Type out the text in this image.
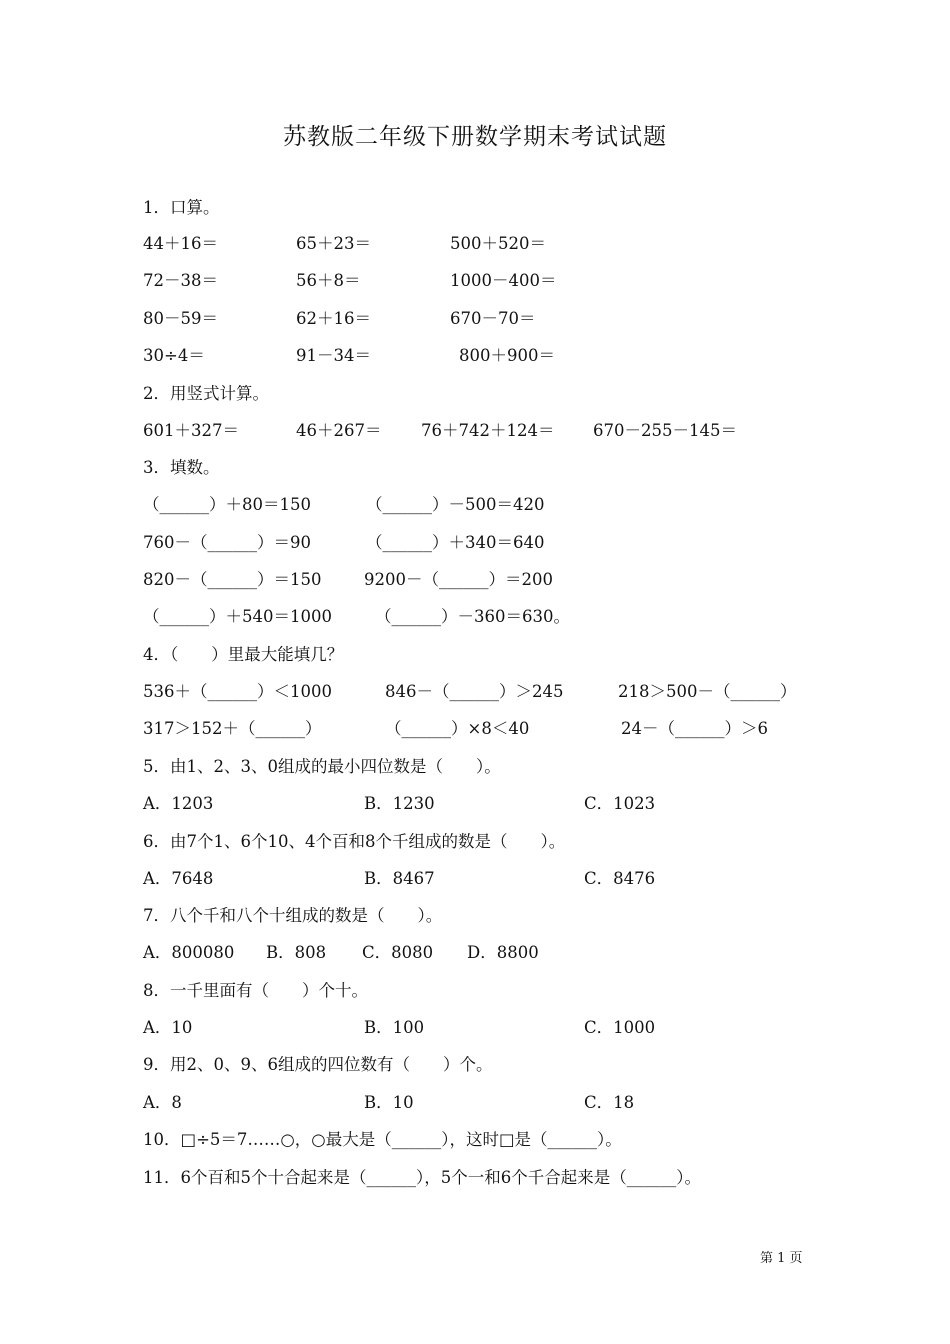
苏教版二年级下册数学期末考试试题
1．口算。
44＋16＝	65＋23＝	500＋520＝
72－38＝	56＋8＝	1000－400＝
80－59＝	62＋16＝	670－70＝
30÷4＝	91－34＝	800＋900＝
2．用竖式计算。
601＋327＝	46＋267＝ 76＋742＋124＝ 670－255－145＝
3．填数。
（______）＋80＝150	（______）－500＝420
760－（______）＝90	（______）＋340＝640
820－（______）＝150	9200－（______）＝200
（______）＋540＝1000	（______）－360＝630。
4．（　　）里最大能填几？
536＋（______）＜1000	846－（______）＞245	218＞500－（______）
317＞152＋（______）	（______）×8＜40	24－（______）＞6
5．由1、2、3、0组成的最小四位数是（　　）。
A．1203	B．1230	C．1023
6．由7个1、6个10、4个百和8个千组成的数是（　　）。
A．7648	B．8467	C．8476
7．八个千和八个十组成的数是（　　）。
A．800080 B．808 C．8080 D．8800
8．一千里面有（　　）个十。
A．10	B．100	C．1000
9．用2、0、9、6组成的四位数有（　　）个。
A．8	B．10	C．18
10．□÷5＝7……○，○最大是（______），这时□是（______）。
11．6个百和5个十合起来是（______），5个一和6个千合起来是（______）。
第 1 页
